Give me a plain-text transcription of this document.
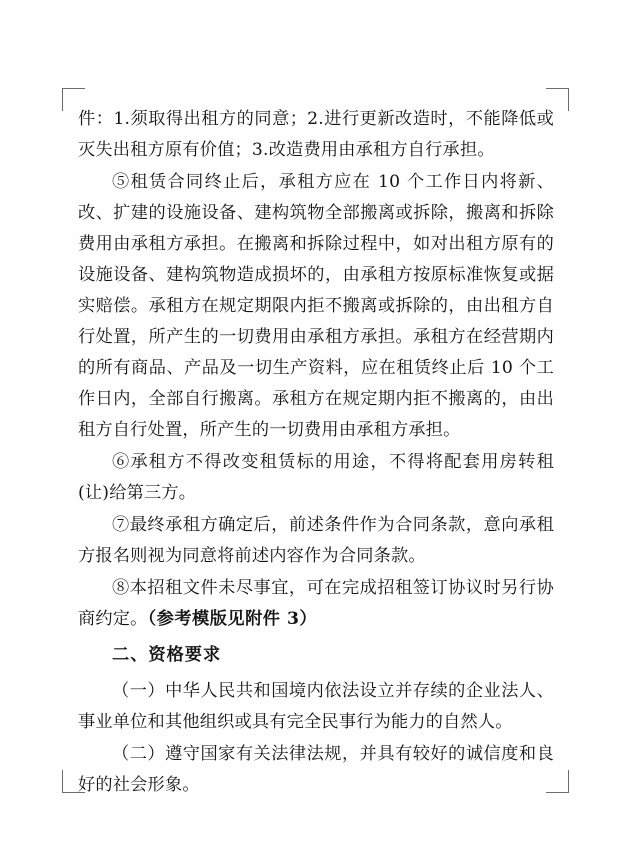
件：1.须取得出租方的同意；2.进行更新改造时，不能降低或灭失出租方原有价值；3.改造费用由承租方自行承担。

⑤租赁合同终止后，承租方应在 10 个工作日内将新、改、扩建的设施设备、建构筑物全部搬离或拆除，搬离和拆除费用由承租方承担。在搬离和拆除过程中，如对出租方原有的设施设备、建构筑物造成损坏的，由承租方按原标准恢复或据实赔偿。承租方在规定期限内拒不搬离或拆除的，由出租方自行处置，所产生的一切费用由承租方承担。承租方在经营期内的所有商品、产品及一切生产资料，应在租赁终止后 10 个工作日内，全部自行搬离。承租方在规定期内拒不搬离的，由出租方自行处置，所产生的一切费用由承租方承担。

⑥承租方不得改变租赁标的用途，不得将配套用房转租(让)给第三方。

⑦最终承租方确定后，前述条件作为合同条款，意向承租方报名则视为同意将前述内容作为合同条款。

⑧本招租文件未尽事宜，可在完成招租签订协议时另行协商约定。（参考模版见附件 3）

二、资格要求

（一）中华人民共和国境内依法设立并存续的企业法人、事业单位和其他组织或具有完全民事行为能力的自然人。

（二）遵守国家有关法律法规，并具有较好的诚信度和良好的社会形象。
